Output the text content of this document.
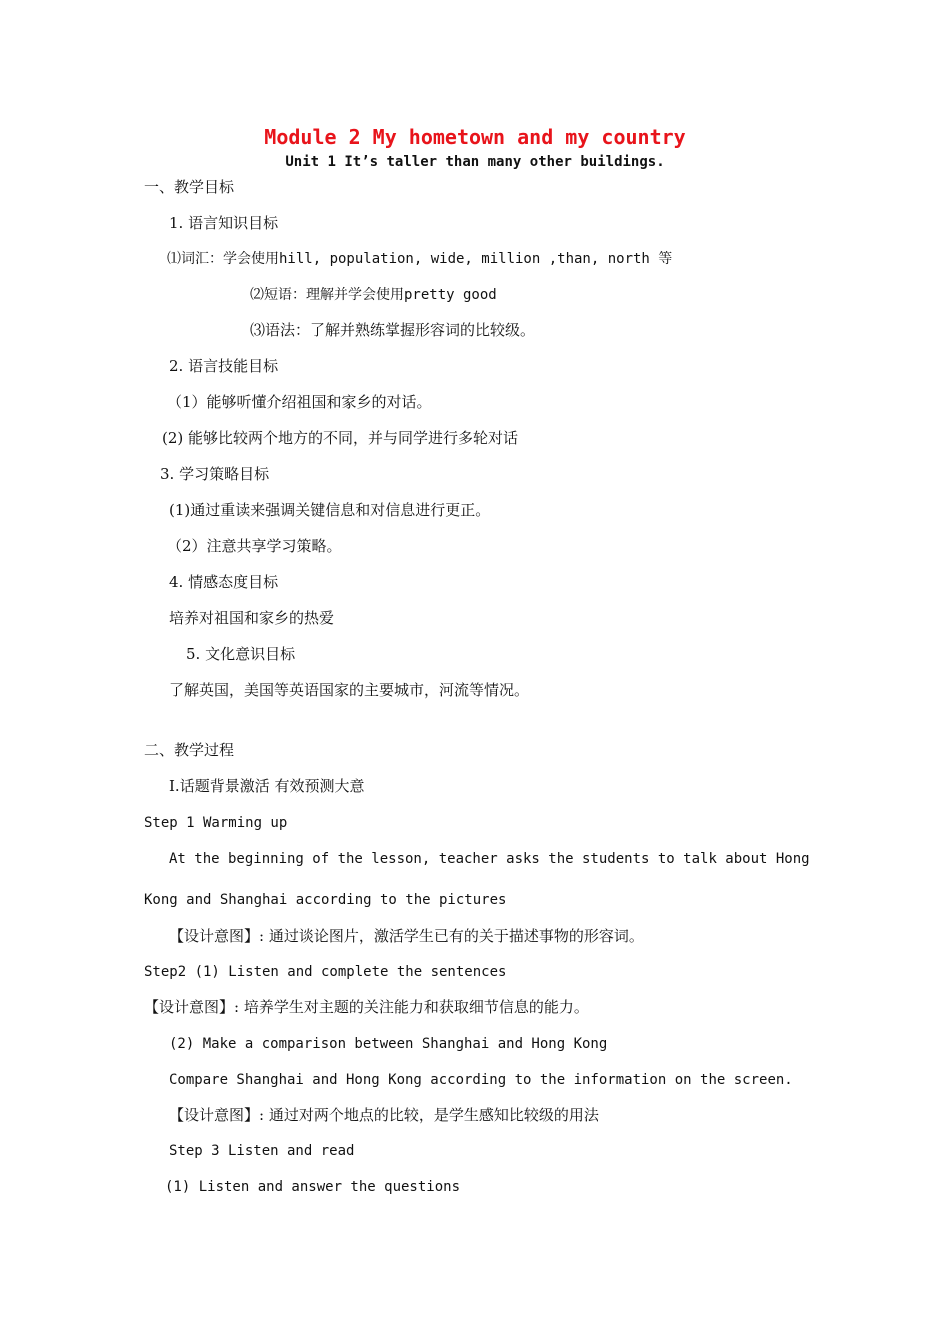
Module 2 My hometown and my country
Unit 1 It’s taller than many other buildings.
一、教学目标
1. 语言知识目标
⑴词汇：学会使用hill, population, wide, million ,than, north 等
⑵短语：理解并学会使用pretty good
⑶语法：了解并熟练掌握形容词的比较级。
2. 语言技能目标
（1）能够听懂介绍祖国和家乡的对话。
(2) 能够比较两个地方的不同，并与同学进行多轮对话
3. 学习策略目标
(1)通过重读来强调关键信息和对信息进行更正。
（2）注意共享学习策略。
4. 情感态度目标
培养对祖国和家乡的热爱
5. 文化意识目标
了解英国，美国等英语国家的主要城市，河流等情况。
二、教学过程
I.话题背景激活 有效预测大意
Step 1 Warming up
At the beginning of the lesson, teacher asks the students to talk about Hong
Kong and Shanghai according to the pictures
【设计意图】: 通过谈论图片，激活学生已有的关于描述事物的形容词。
Step2 (1) Listen and complete the sentences
【设计意图】: 培养学生对主题的关注能力和获取细节信息的能力。
(2) Make a comparison between Shanghai and Hong Kong
Compare Shanghai and Hong Kong according to the information on the screen.
【设计意图】: 通过对两个地点的比较，是学生感知比较级的用法
Step 3 Listen and read
(1) Listen and answer the questions
